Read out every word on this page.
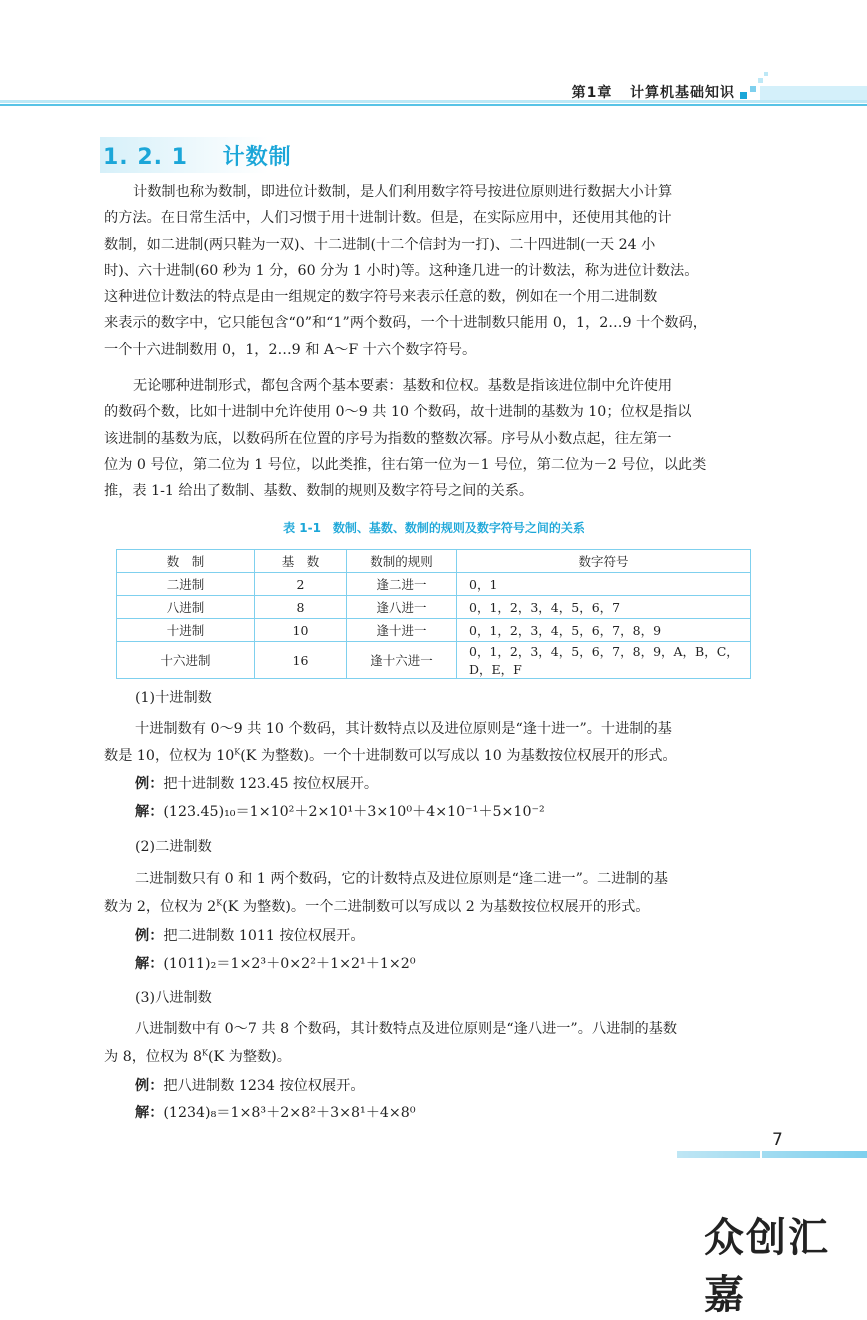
第1章 计算机基础知识
1. 2. 1 计数制
计数制也称为数制，即进位计数制，是人们利用数字符号按进位原则进行数据大小计算
的方法。在日常生活中，人们习惯于用十进制计数。但是，在实际应用中，还使用其他的计
数制，如二进制(两只鞋为一双)、十二进制(十二个信封为一打)、二十四进制(一天 24 小
时)、六十进制(60 秒为 1 分，60 分为 1 小时)等。这种逢几进一的计数法，称为进位计数法。
这种进位计数法的特点是由一组规定的数字符号来表示任意的数，例如在一个用二进制数
来表示的数字中，它只能包含“0”和“1”两个数码，一个十进制数只能用 0，1，2…9 十个数码，
一个十六进制数用 0，1，2…9 和 A～F 十六个数字符号。
无论哪种进制形式，都包含两个基本要素：基数和位权。基数是指该进位制中允许使用
的数码个数，比如十进制中允许使用 0～9 共 10 个数码，故十进制的基数为 10；位权是指以
该进制的基数为底，以数码所在位置的序号为指数的整数次幂。序号从小数点起，往左第一
位为 0 号位，第二位为 1 号位，以此类推，往右第一位为－1 号位，第二位为－2 号位，以此类
推，表 1-1 给出了数制、基数、数制的规则及数字符号之间的关系。
表 1-1　数制、基数、数制的规则及数字符号之间的关系
数　制	基　数	数制的规则	数字符号
二进制	2	逢二进一	0，1
八进制	8	逢八进一	0，1，2，3，4，5，6，7
十进制	10	逢十进一	0，1，2，3，4，5，6，7，8，9
十六进制	16	逢十六进一	0，1，2，3，4，5，6，7，8，9，A，B，C，D，E，F
(1)十进制数
十进制数有 0～9 共 10 个数码，其计数特点以及进位原则是“逢十进一”。十进制的基
数是 10，位权为 $10^K(K$ 为整数)。一个十进制数可以写成以 10 为基数按位权展开的形式。
例：把十进制数 123.45 按位权展开。
解：(123.45)₁₀＝1×10²＋2×10¹＋3×10⁰＋4×10⁻¹＋5×10⁻²
(2)二进制数
二进制数只有 0 和 1 两个数码，它的计数特点及进位原则是“逢二进一”。二进制的基
数为 2，位权为 $2^K(K$ 为整数)。一个二进制数可以写成以 2 为基数按位权展开的形式。
例：把二进制数 1011 按位权展开。
解：(1011)₂＝1×2³＋0×2²＋1×2¹＋1×2⁰
(3)八进制数
八进制数中有 0～7 共 8 个数码，其计数特点及进位原则是“逢八进一”。八进制的基数
为 8，位权为 $8^K(K$ 为整数)。
例：把八进制数 1234 按位权展开。
解：(1234)₈＝1×8³＋2×8²＋3×8¹＋4×8⁰
7
众创汇嘉
